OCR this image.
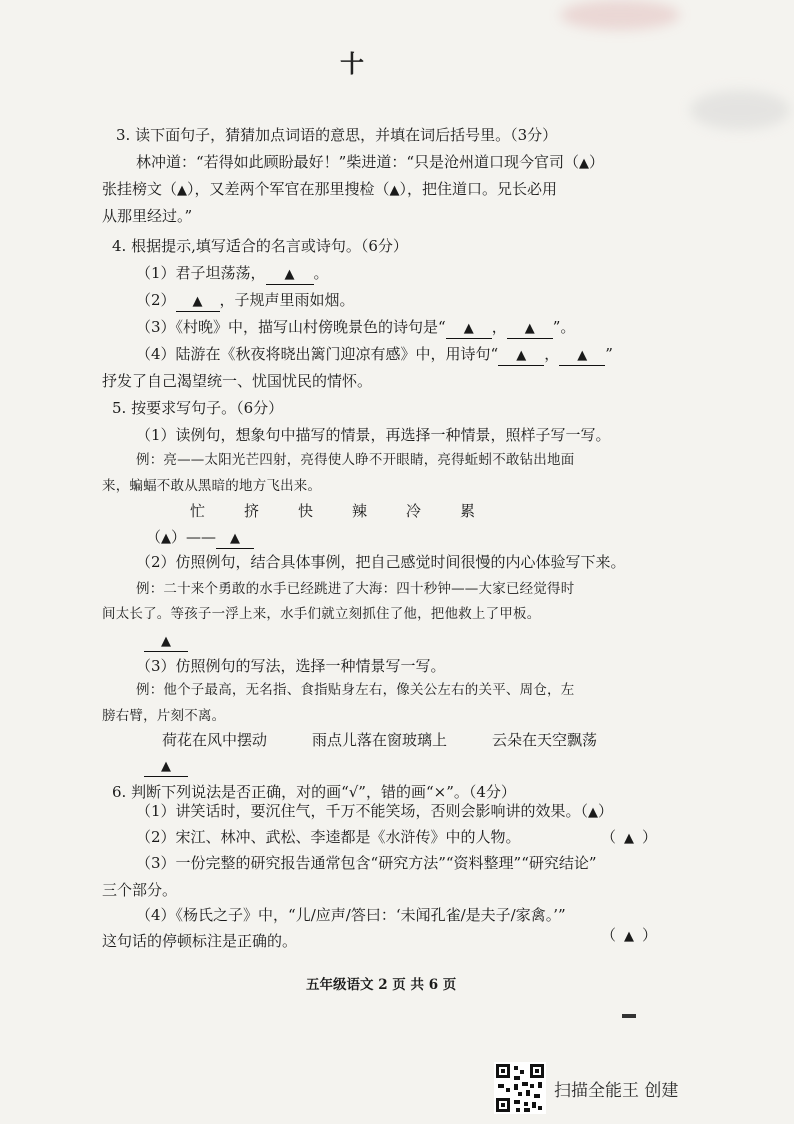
十
3. 读下面句子，猜猜加点词语的意思，并填在词后括号里。（3分）
林冲道：“若得如此顾盼最好！”柴进道：“只是沧州道口现今官司（▲）
张挂榜文（▲），又差两个军官在那里搜检（▲），把住道口。兄长必用
从那里经过。”
4. 根据提示,填写适合的名言或诗句。（6分）
（1）君子坦荡荡， ▲ 。
（2） ▲ ，子规声里雨如烟。
（3）《村晚》中，描写山村傍晚景色的诗句是“ ▲ ， ▲ ”。
（4）陆游在《秋夜将晓出篱门迎凉有感》中，用诗句“ ▲ ， ▲ ”
抒发了自己渴望统一、忧国忧民的情怀。
5. 按要求写句子。（6分）
（1）读例句，想象句中描写的情景，再选择一种情景，照样子写一写。
例：亮——太阳光芒四射，亮得使人睁不开眼睛，亮得蚯蚓不敢钻出地面
来，蝙蝠不敢从黑暗的地方飞出来。
忙	挤	快	辣	冷	累
（▲）—— ▲
（2）仿照例句，结合具体事例，把自己感觉时间很慢的内心体验写下来。
例：二十来个勇敢的水手已经跳进了大海：四十秒钟——大家已经觉得时
间太长了。等孩子一浮上来，水手们就立刻抓住了他，把他救上了甲板。
▲
（3）仿照例句的写法，选择一种情景写一写。
例：他个子最高，无名指、食指贴身左右，像关公左右的关平、周仓，左
膀右臂，片刻不离。
荷花在风中摆动	雨点儿落在窗玻璃上	云朵在天空飘荡
▲
6. 判断下列说法是否正确，对的画“√”，错的画“×”。（4分）
（1）讲笑话时，要沉住气，千万不能笑场，否则会影响讲的效果。（▲）
（2）宋江、林冲、武松、李逵都是《水浒传》中的人物。	（ ▲ ）
（3）一份完整的研究报告通常包含“研究方法”“资料整理”“研究结论”
三个部分。
（4）《杨氏之子》中，“儿/应声/答曰：‘未闻孔雀/是夫子/家禽。’”
这句话的停顿标注是正确的。	（ ▲ ）
五年级语文 2 页 共 6 页
扫描全能王 创建
